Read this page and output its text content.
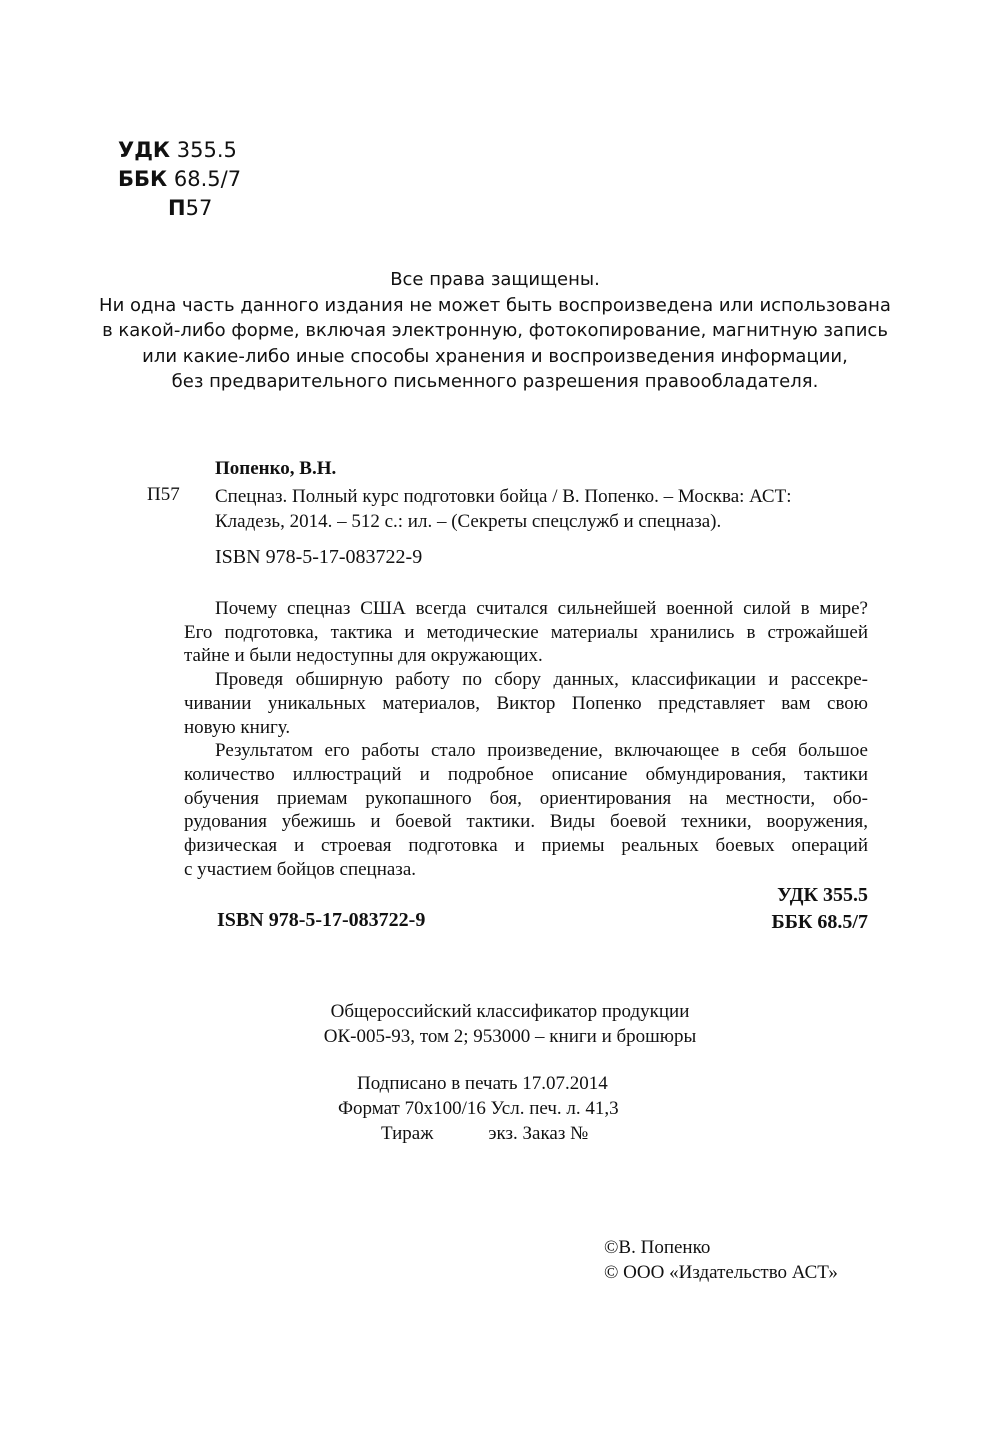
УДК 355.5
ББК 68.5/7
П57
Все права защищены.
Ни одна часть данного издания не может быть воспроизведена или использована
в какой-либо форме, включая электронную, фотокопирование, магнитную запись
или какие-либо иные способы хранения и воспроизведения информации,
без предварительного письменного разрешения правообладателя.
Попенко, В.Н.
П57 Спецназ. Полный курс подготовки бойца / В. Попенко. – Москва: АСТ:
Кладезь, 2014. – 512 с.: ил. – (Секреты спецслужб и спецназа).
ISBN 978-5-17-083722-9
Почему спецназ США всегда считался сильнейшей военной силой в мире?
Его подготовка, тактика и методические материалы хранились в строжайшей
тайне и были недоступны для окружающих.
Проведя обширную работу по сбору данных, классификации и рассекре-
чивании уникальных материалов, Виктор Попенко представляет вам свою
новую книгу.
Результатом его работы стало произведение, включающее в себя большое
количество иллюстраций и подробное описание обмундирования, тактики
обучения приемам рукопашного боя, ориентирования на местности, обо-
рудования убежишь и боевой тактики. Виды боевой техники, вооружения,
физическая и строевая подготовка и приемы реальных боевых операций
с участием бойцов спецназа.
УДК 355.5
ББК 68.5/7
ISBN 978-5-17-083722-9
Общероссийский классификатор продукции
ОК-005-93, том 2; 953000 – книги и брошюры
Подписано в печать 17.07.2014
Формат 70x100/16 Усл. печ. л. 41,3
Тираж	экз. Заказ №
©В. Попенко
© ООО «Издательство АСТ»
